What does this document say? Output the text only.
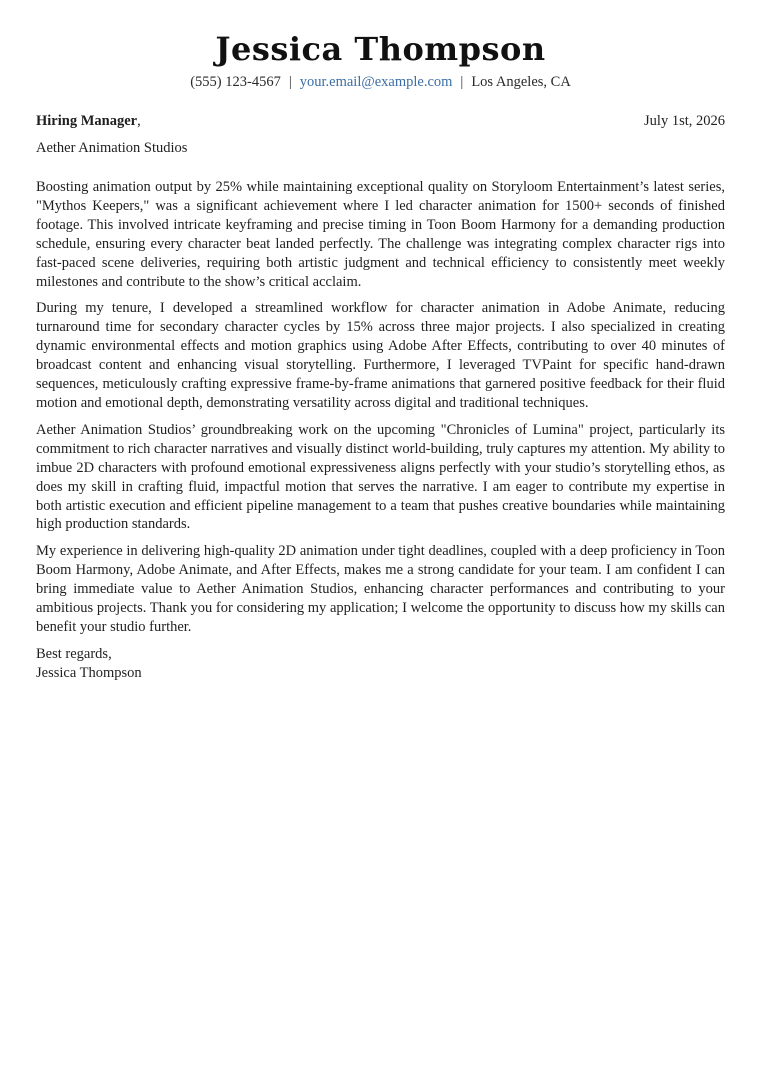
Jessica Thompson
(555) 123-4567 | your.email@example.com | Los Angeles, CA
Hiring Manager,	July 1st, 2026
Aether Animation Studios

Boosting animation output by 25% while maintaining exceptional quality on Storyloom Entertainment’s latest series, "Mythos Keepers," was a significant achievement where I led character animation for 1500+ seconds of finished footage. This involved intricate keyframing and precise timing in Toon Boom Harmony for a demanding production schedule, ensuring every character beat landed perfectly. The challenge was integrating complex character rigs into fast-paced scene deliveries, requiring both artistic judgment and technical efficiency to consistently meet weekly milestones and contribute to the show’s critical acclaim.

During my tenure, I developed a streamlined workflow for character animation in Adobe Animate, reducing turnaround time for secondary character cycles by 15% across three major projects. I also specialized in creating dynamic environmental effects and motion graphics using Adobe After Effects, contributing to over 40 minutes of broadcast content and enhancing visual storytelling. Furthermore, I leveraged TVPaint for specific hand-drawn sequences, meticulously crafting expressive frame-by-frame animations that garnered positive feedback for their fluid motion and emotional depth, demonstrating versatility across digital and traditional techniques.

Aether Animation Studios’ groundbreaking work on the upcoming "Chronicles of Lumina" project, particularly its commitment to rich character narratives and visually distinct world-building, truly captures my attention. My ability to imbue 2D characters with profound emotional expressiveness aligns perfectly with your studio’s storytelling ethos, as does my skill in crafting fluid, impactful motion that serves the narrative. I am eager to contribute my expertise in both artistic execution and efficient pipeline management to a team that pushes creative boundaries while maintaining high production standards.

My experience in delivering high-quality 2D animation under tight deadlines, coupled with a deep proficiency in Toon Boom Harmony, Adobe Animate, and After Effects, makes me a strong candidate for your team. I am confident I can bring immediate value to Aether Animation Studios, enhancing character performances and contributing to your ambitious projects. Thank you for considering my application; I welcome the opportunity to discuss how my skills can benefit your studio further.

Best regards,
Jessica Thompson
